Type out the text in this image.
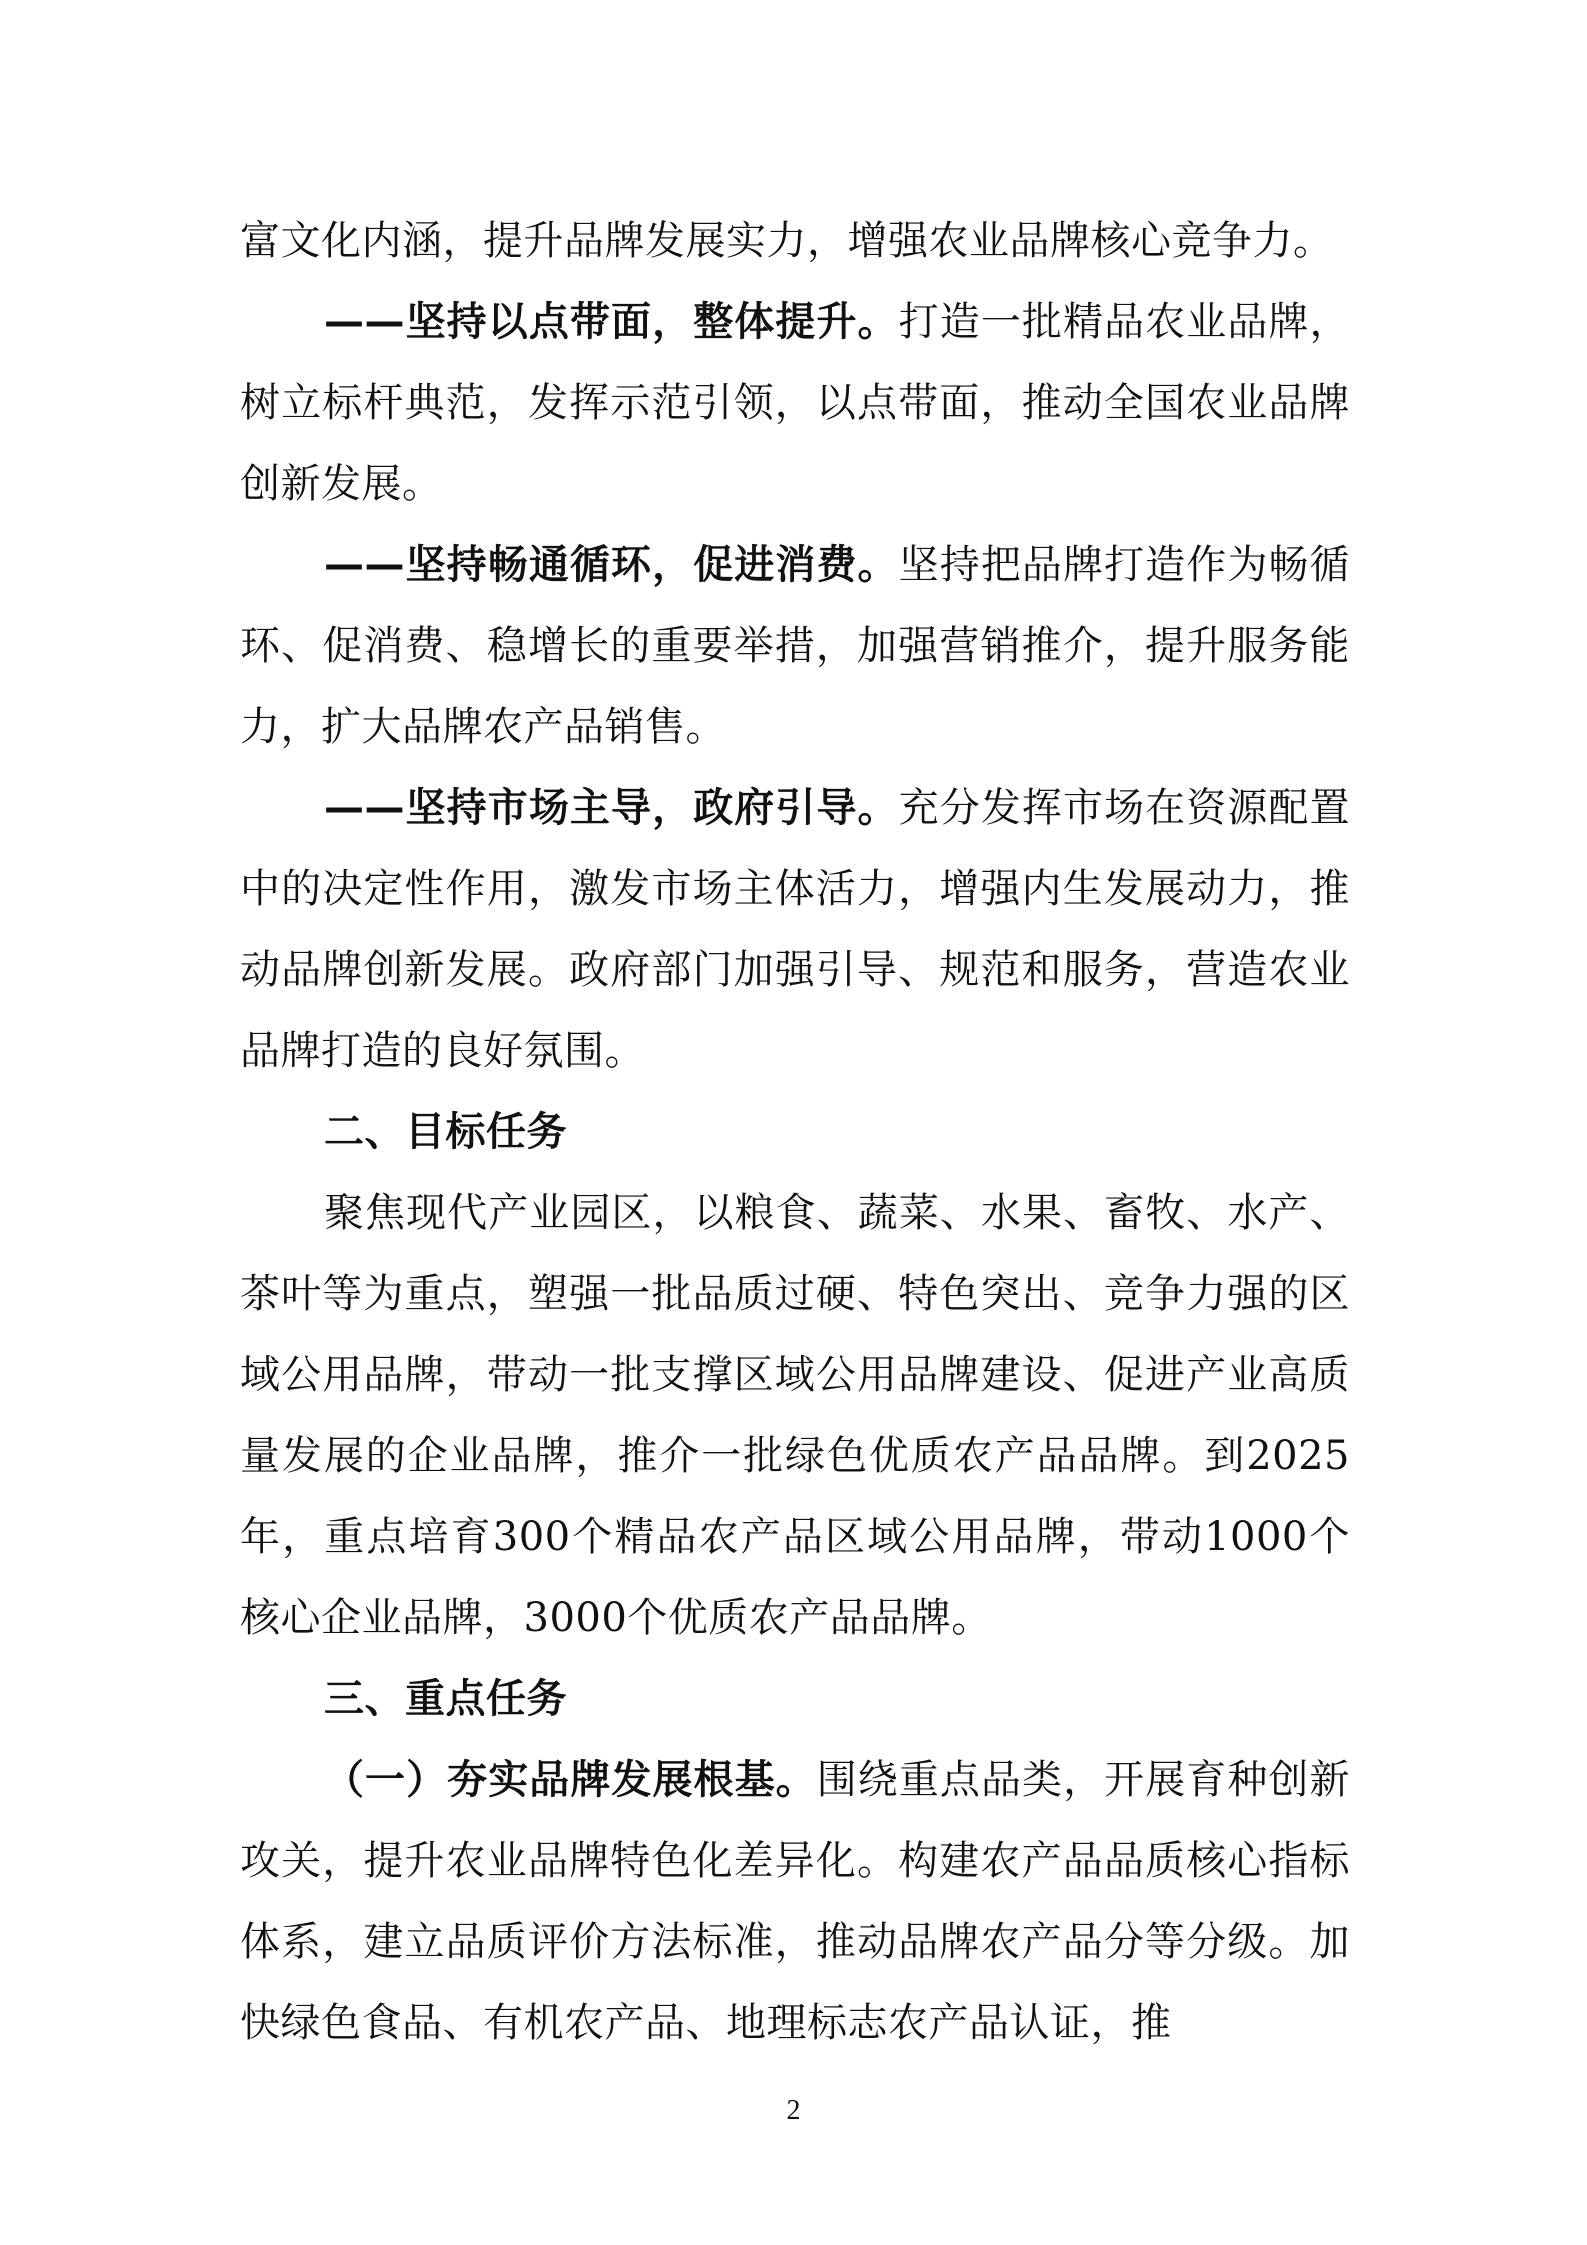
富文化内涵，提升品牌发展实力，增强农业品牌核心竞争力。

——坚持以点带面，整体提升。打造一批精品农业品牌，树立标杆典范，发挥示范引领，以点带面，推动全国农业品牌创新发展。

——坚持畅通循环，促进消费。坚持把品牌打造作为畅循环、促消费、稳增长的重要举措，加强营销推介，提升服务能力，扩大品牌农产品销售。

——坚持市场主导，政府引导。充分发挥市场在资源配置中的决定性作用，激发市场主体活力，增强内生发展动力，推动品牌创新发展。政府部门加强引导、规范和服务，营造农业品牌打造的良好氛围。

二、目标任务

聚焦现代产业园区，以粮食、蔬菜、水果、畜牧、水产、茶叶等为重点，塑强一批品质过硬、特色突出、竞争力强的区域公用品牌，带动一批支撑区域公用品牌建设、促进产业高质量发展的企业品牌，推介一批绿色优质农产品品牌。到2025年，重点培育300个精品农产品区域公用品牌，带动1000个核心企业品牌，3000个优质农产品品牌。

三、重点任务

（一）夯实品牌发展根基。围绕重点品类，开展育种创新攻关，提升农业品牌特色化差异化。构建农产品品质核心指标体系，建立品质评价方法标准，推动品牌农产品分等分级。加快绿色食品、有机农产品、地理标志农产品认证，推

2
